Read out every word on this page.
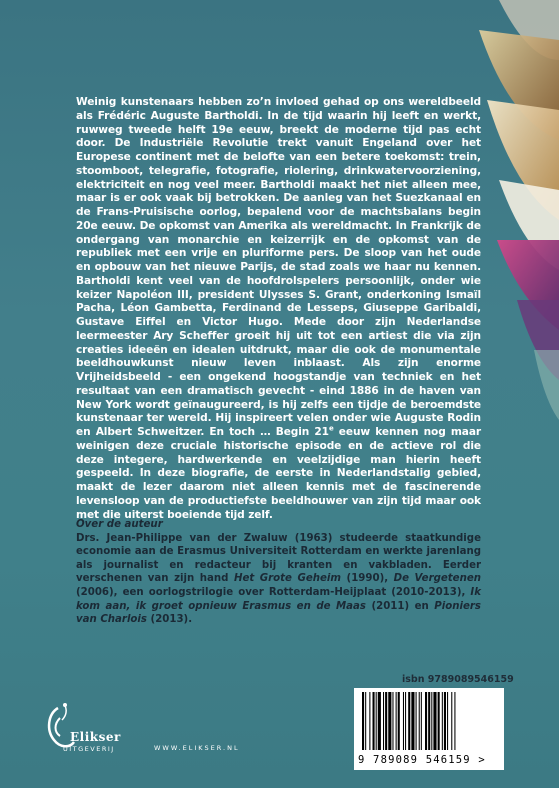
Weinig kunstenaars hebben zo’n invloed gehad op ons wereldbeeld als Frédéric Auguste Bartholdi. In de tijd waarin hij leeft en werkt, ruwweg tweede helft 19e eeuw, breekt de moderne tijd pas echt door. De Industriële Revolutie trekt vanuit Engeland over het Europese continent met de belofte van een betere toekomst: trein, stoomboot, telegrafie, fotografie, riolering, drinkwatervoorziening, elektriciteit en nog veel meer. Bartholdi maakt het niet alleen mee, maar is er ook vaak bij betrokken. De aanleg van het Suezkanaal en de Frans-Pruisische oorlog, bepalend voor de machtsbalans begin 20e eeuw. De opkomst van Amerika als wereldmacht. In Frankrijk de ondergang van monarchie en keizerrijk en de opkomst van de republiek met een vrije en pluriforme pers. De sloop van het oude en opbouw van het nieuwe Parijs, de stad zoals we haar nu kennen. Bartholdi kent veel van de hoofdrolspelers persoonlijk, onder wie keizer Napoléon III, president Ulysses S. Grant, onderkoning Ismaïl Pacha, Léon Gambetta, Ferdinand de Lesseps, Giuseppe Garibaldi, Gustave Eiffel en Victor Hugo. Mede door zijn Nederlandse leermeester Ary Scheffer groeit hij uit tot een artiest die via zijn creaties ideeën en idealen uitdrukt, maar die ook de monumentale beeldhouwkunst nieuw leven inblaast. Als zijn enorme Vrijheidsbeeld - een ongekend hoogstandje van techniek en het resultaat van een dramatisch gevecht - eind 1886 in de haven van New York wordt geïnaugureerd, is hij zelfs een tijdje de beroemdste kunstenaar ter wereld. Hij inspireert velen onder wie Auguste Rodin en Albert Schweitzer. En toch … Begin 21e eeuw kennen nog maar weinigen deze cruciale historische episode en de actieve rol die deze integere, hardwerkende en veelzijdige man hierin heeft gespeeld. In deze biografie, de eerste in Nederlandstalig gebied, maakt de lezer daarom niet alleen kennis met de fascinerende levensloop van de productiefste beeldhouwer van zijn tijd maar ook met die uiterst boeiende tijd zelf.

Over de auteur

Drs. Jean-Philippe van der Zwaluw (1963) studeerde staatkundige economie aan de Erasmus Universiteit Rotterdam en werkte jarenlang als journalist en redacteur bij kranten en vakbladen. Eerder verschenen van zijn hand Het Grote Geheim (1990), De Vergetenen (2006), een oorlogstrilogie over Rotterdam-Heijplaat (2010-2013), Ik kom aan, ik groet opnieuw Erasmus en de Maas (2011) en Pioniers van Charlois (2013).

isbn 9789089546159
9 789089 546159 >
Elikser
UITGEVERIJ	WWW.ELIKSER.NL
